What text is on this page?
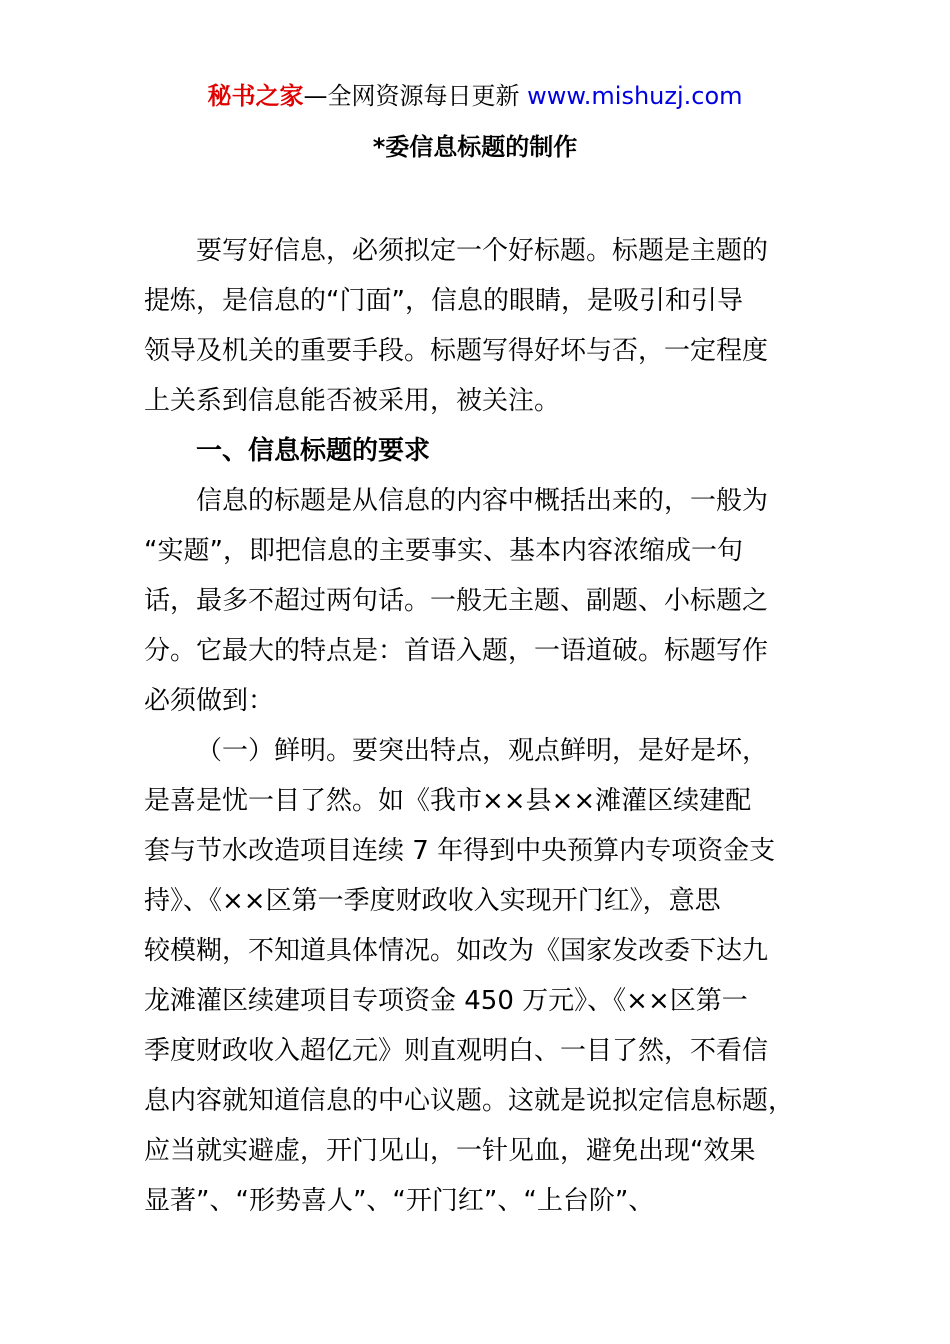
秘书之家—全网资源每日更新 www.mishuzj.com
*委信息标题的制作
要写好信息，必须拟定一个好标题。标题是主题的
提炼，是信息的“门面”，信息的眼睛，是吸引和引导
领导及机关的重要手段。标题写得好坏与否，一定程度
上关系到信息能否被采用，被关注。
一、信息标题的要求
信息的标题是从信息的内容中概括出来的，一般为
“实题”，即把信息的主要事实、基本内容浓缩成一句
话，最多不超过两句话。一般无主题、副题、小标题之
分。它最大的特点是：首语入题，一语道破。标题写作
必须做到：
（一）鲜明。要突出特点，观点鲜明，是好是坏，
是喜是忧一目了然。如《我市××县××滩灌区续建配
套与节水改造项目连续 7 年得到中央预算内专项资金支
持》、《××区第一季度财政收入实现开门红》，意思
较模糊，不知道具体情况。如改为《国家发改委下达九
龙滩灌区续建项目专项资金 450 万元》、《××区第一
季度财政收入超亿元》则直观明白、一目了然，不看信
息内容就知道信息的中心议题。这就是说拟定信息标题，
应当就实避虚，开门见山，一针见血，避免出现“效果
显著”、“形势喜人”、“开门红”、“上台阶”、
